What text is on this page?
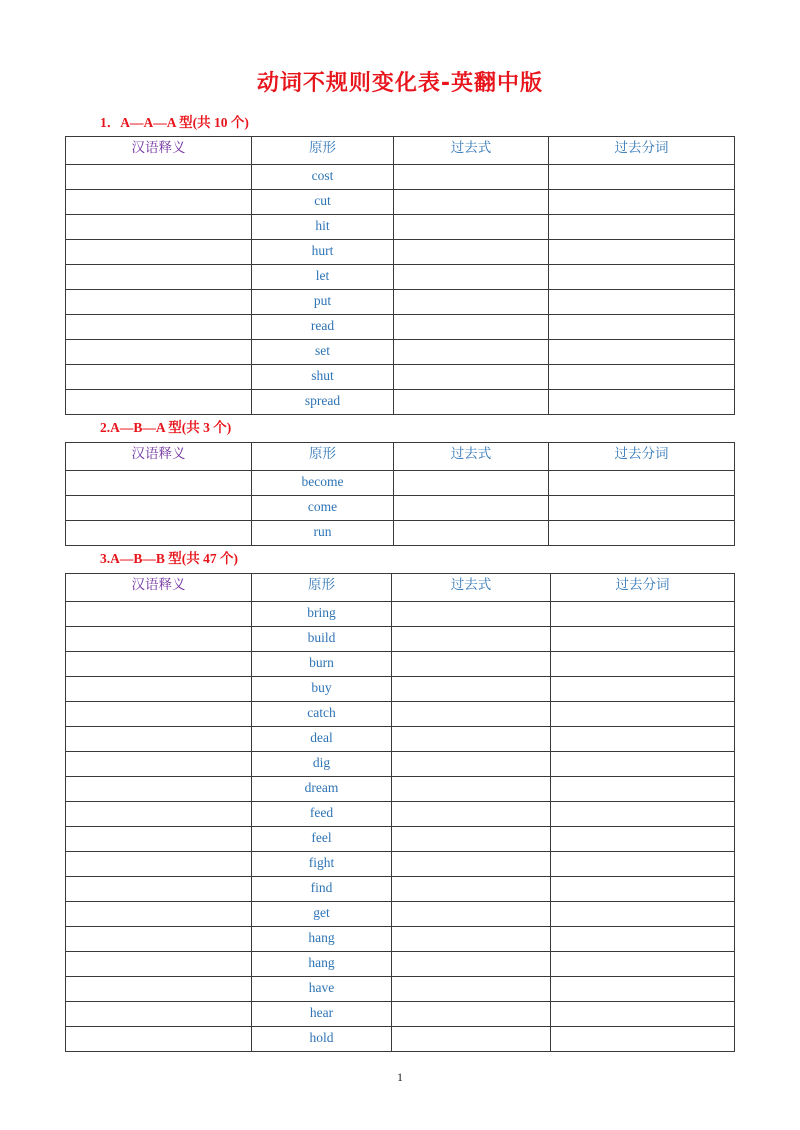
动词不规则变化表-英翻中版
1．A—A—A 型(共 10 个)
汉语释义	原形	过去式	过去分词
	cost		
	cut		
	hit		
	hurt		
	let		
	put		
	read		
	set		
	shut		
	spread		
2.A—B—A 型(共 3 个)
汉语释义	原形	过去式	过去分词
	become		
	come		
	run		
3.A—B—B 型(共 47 个)
汉语释义	原形	过去式	过去分词
	bring		
	build		
	burn		
	buy		
	catch		
	deal		
	dig		
	dream		
	feed		
	feel		
	fight		
	find		
	get		
	hang		
	hang		
	have		
	hear		
	hold		
1
